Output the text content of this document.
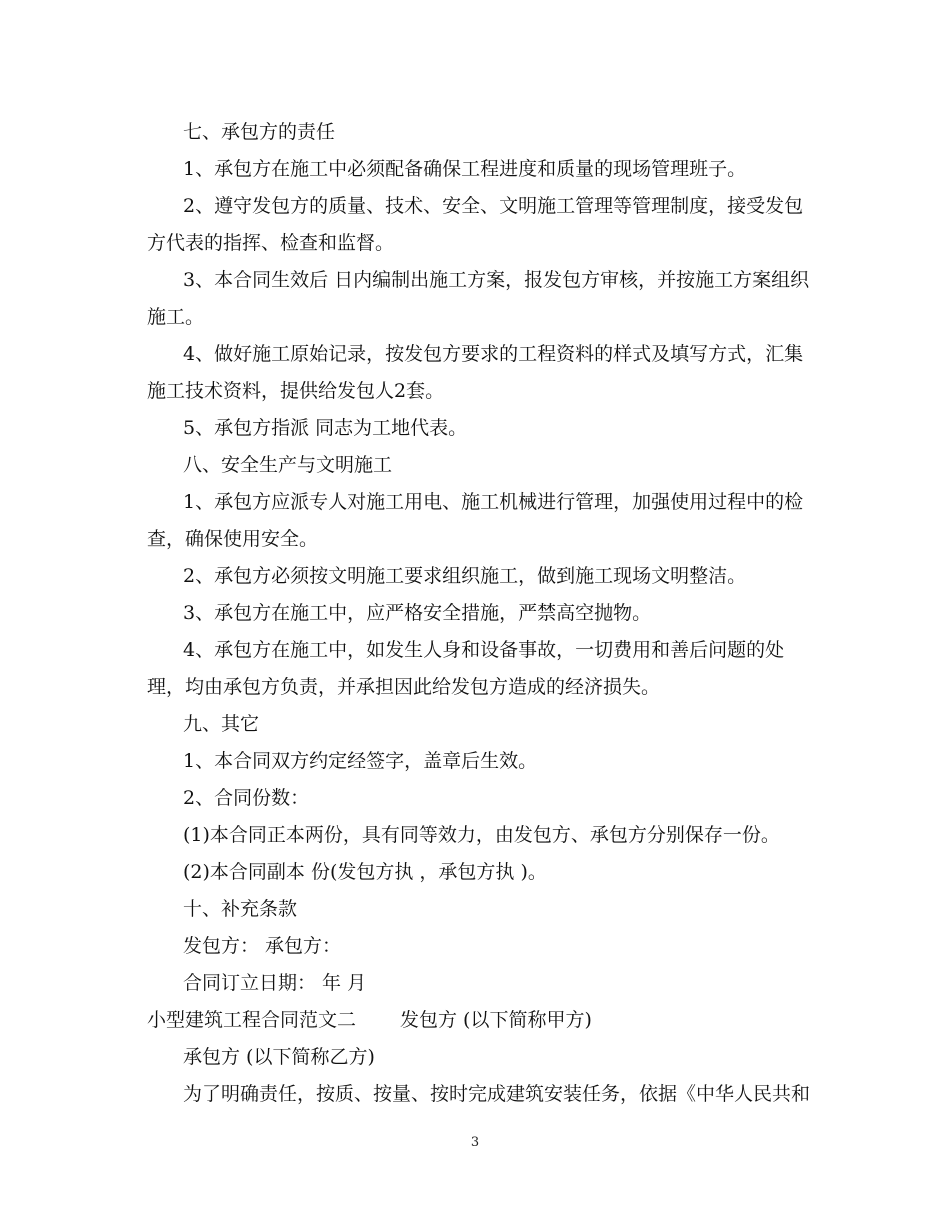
七、承包方的责任

1、承包方在施工中必须配备确保工程进度和质量的现场管理班子。

2、遵守发包方的质量、技术、安全、文明施工管理等管理制度，接受发包

方代表的指挥、检查和监督。

3、本合同生效后 日内编制出施工方案，报发包方审核，并按施工方案组织

施工。

4、做好施工原始记录，按发包方要求的工程资料的样式及填写方式，汇集

施工技术资料，提供给发包人2套。

5、承包方指派 同志为工地代表。

八、安全生产与文明施工

1、承包方应派专人对施工用电、施工机械进行管理，加强使用过程中的检

查，确保使用安全。

2、承包方必须按文明施工要求组织施工，做到施工现场文明整洁。

3、承包方在施工中，应严格安全措施，严禁高空抛物。

4、承包方在施工中，如发生人身和设备事故，一切费用和善后问题的处

理，均由承包方负责，并承担因此给发包方造成的经济损失。

九、其它

1、本合同双方约定经签字，盖章后生效。

2、合同份数：

(1)本合同正本两份，具有同等效力，由发包方、承包方分别保存一份。

(2)本合同副本 份(发包方执 ，承包方执 )。

十、补充条款

发包方： 承包方：

合同订立日期： 年 月

小型建筑工程合同范文二 发包方 (以下简称甲方)

承包方 (以下简称乙方)

为了明确责任，按质、按量、按时完成建筑安装任务，依据《中华人民共和

3
